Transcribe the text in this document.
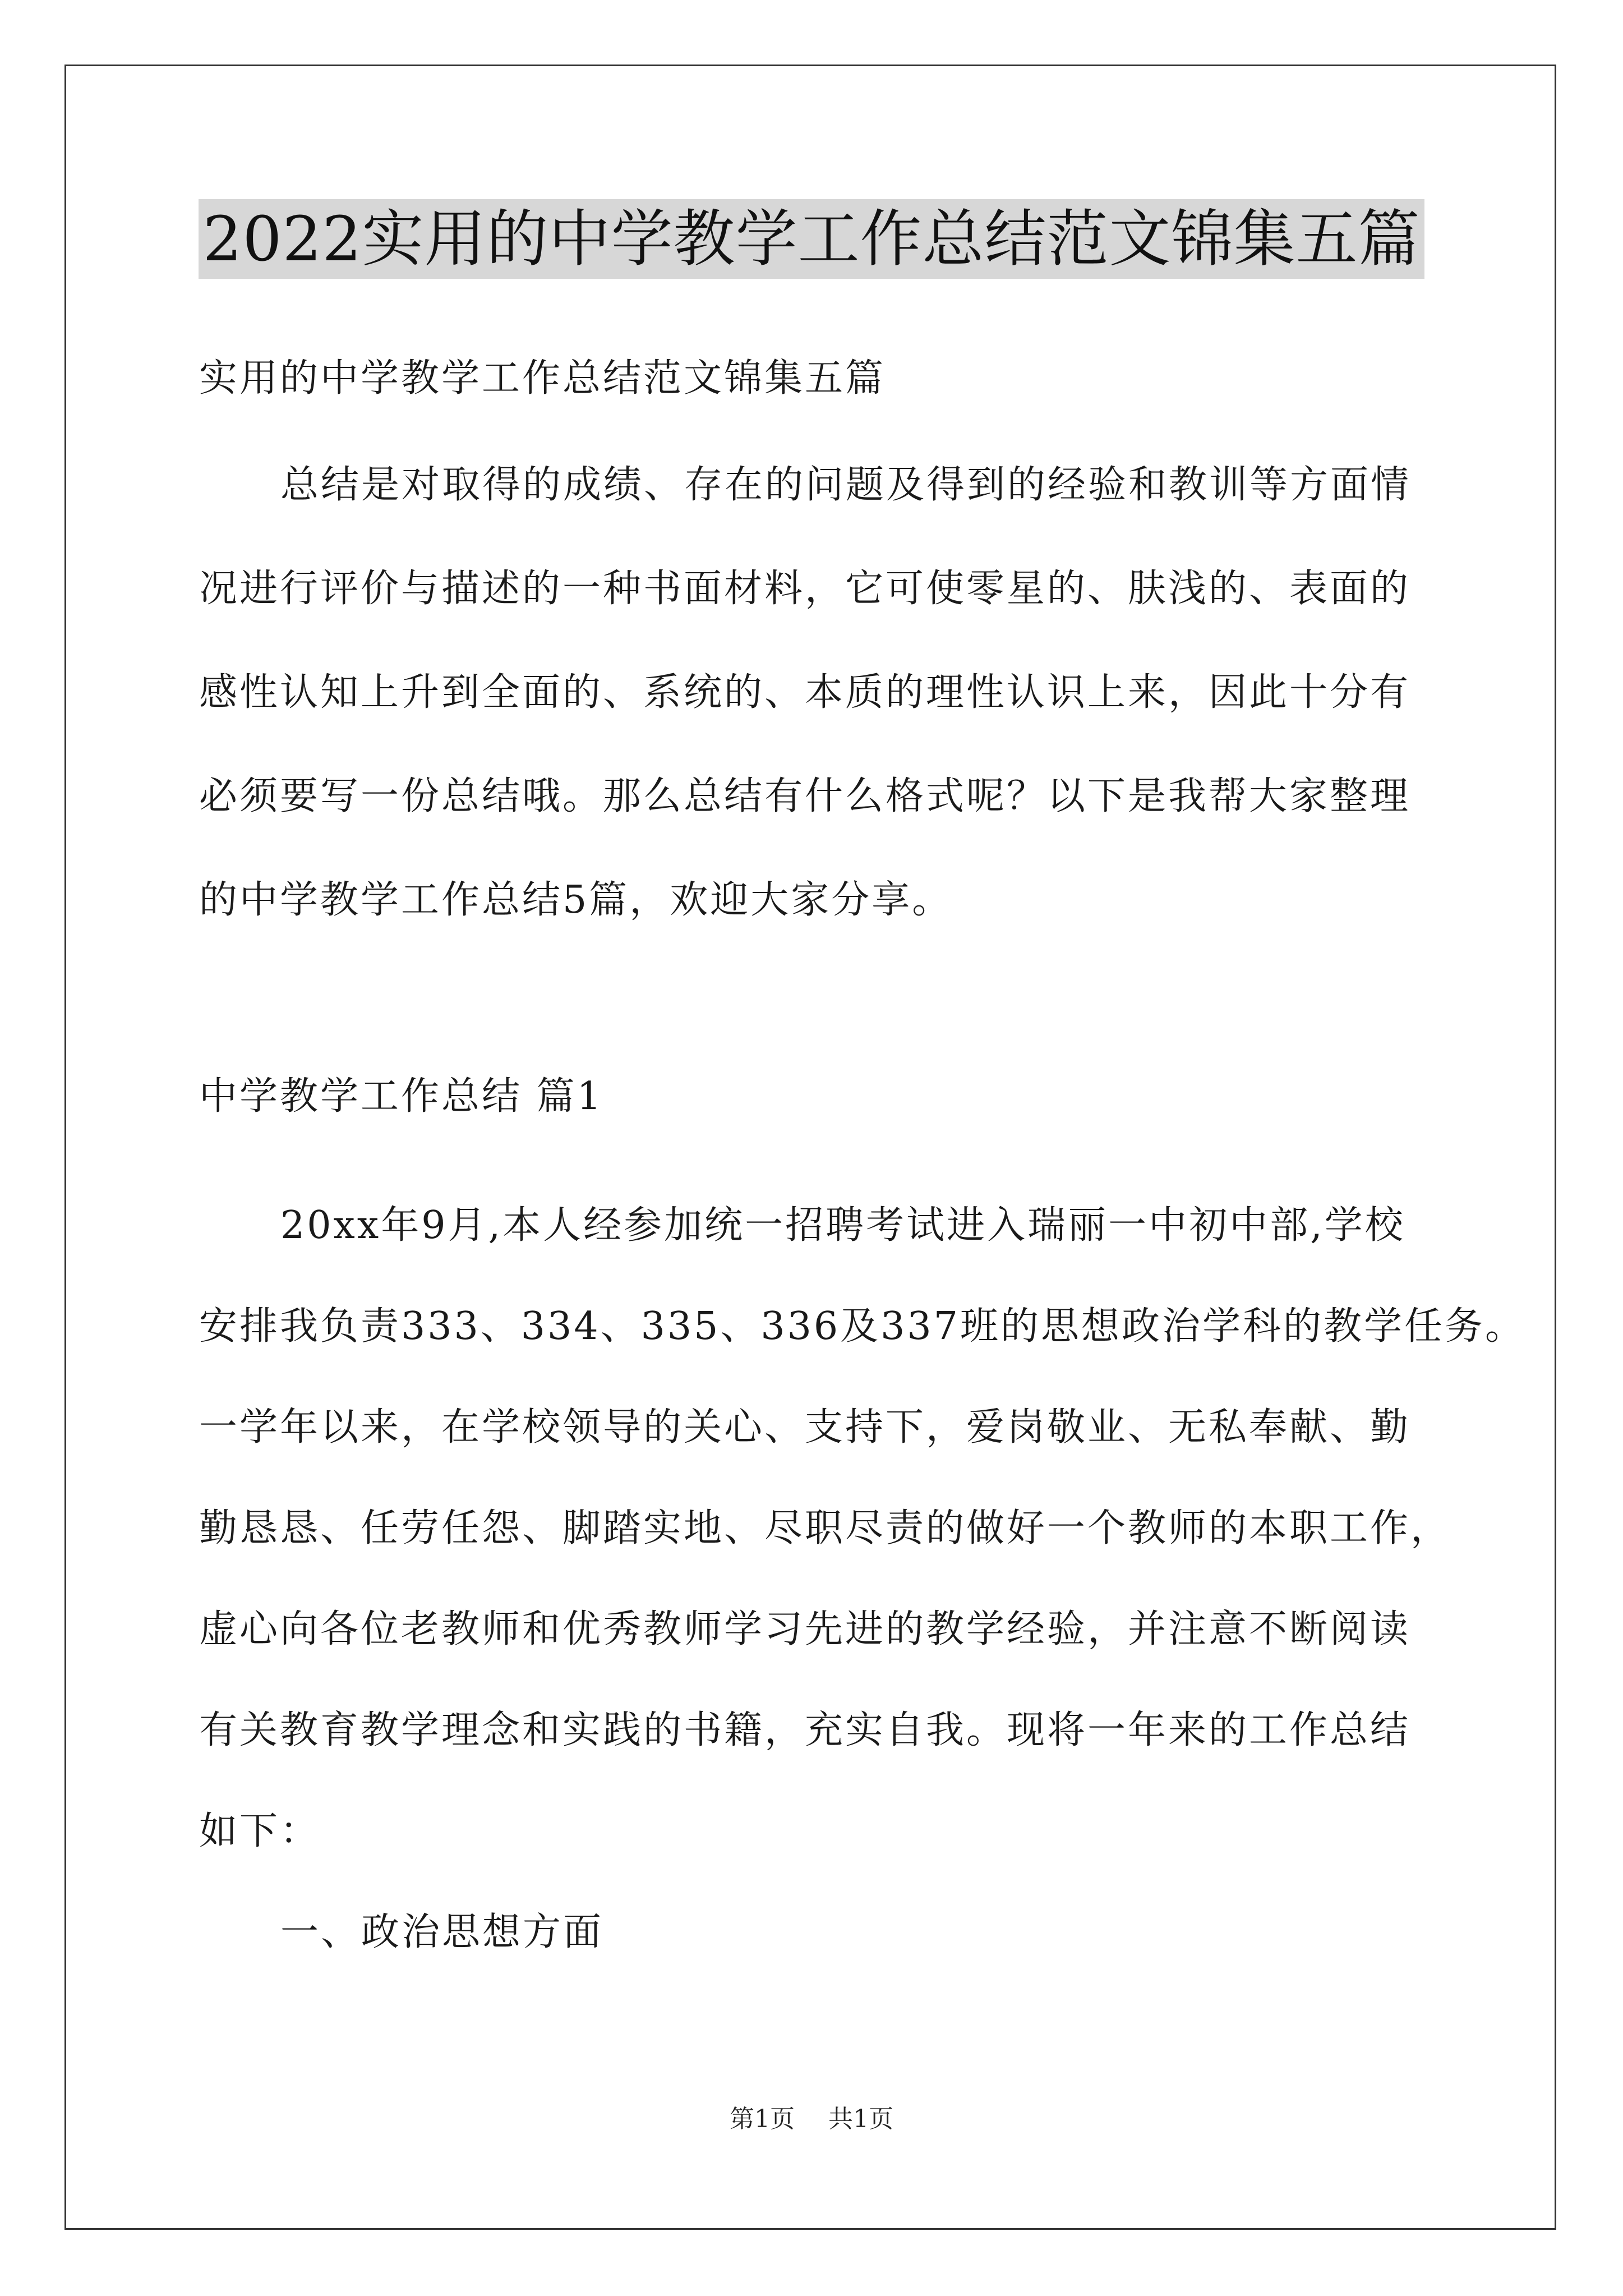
2022实用的中学教学工作总结范文锦集五篇
实用的中学教学工作总结范文锦集五篇
总结是对取得的成绩、存在的问题及得到的经验和教训等方面情
况进行评价与描述的一种书面材料，它可使零星的、肤浅的、表面的
感性认知上升到全面的、系统的、本质的理性认识上来，因此十分有
必须要写一份总结哦。那么总结有什么格式呢？以下是我帮大家整理
的中学教学工作总结5篇，欢迎大家分享。
中学教学工作总结 篇1
20xx年9月,本人经参加统一招聘考试进入瑞丽一中初中部,学校
安排我负责333、334、335、336及337班的思想政治学科的教学任务。
一学年以来，在学校领导的关心、支持下，爱岗敬业、无私奉献、勤
勤恳恳、任劳任怨、脚踏实地、尽职尽责的做好一个教师的本职工作，
虚心向各位老教师和优秀教师学习先进的教学经验，并注意不断阅读
有关教育教学理念和实践的书籍，充实自我。现将一年来的工作总结
如下：
一、政治思想方面
第1页 共1页
